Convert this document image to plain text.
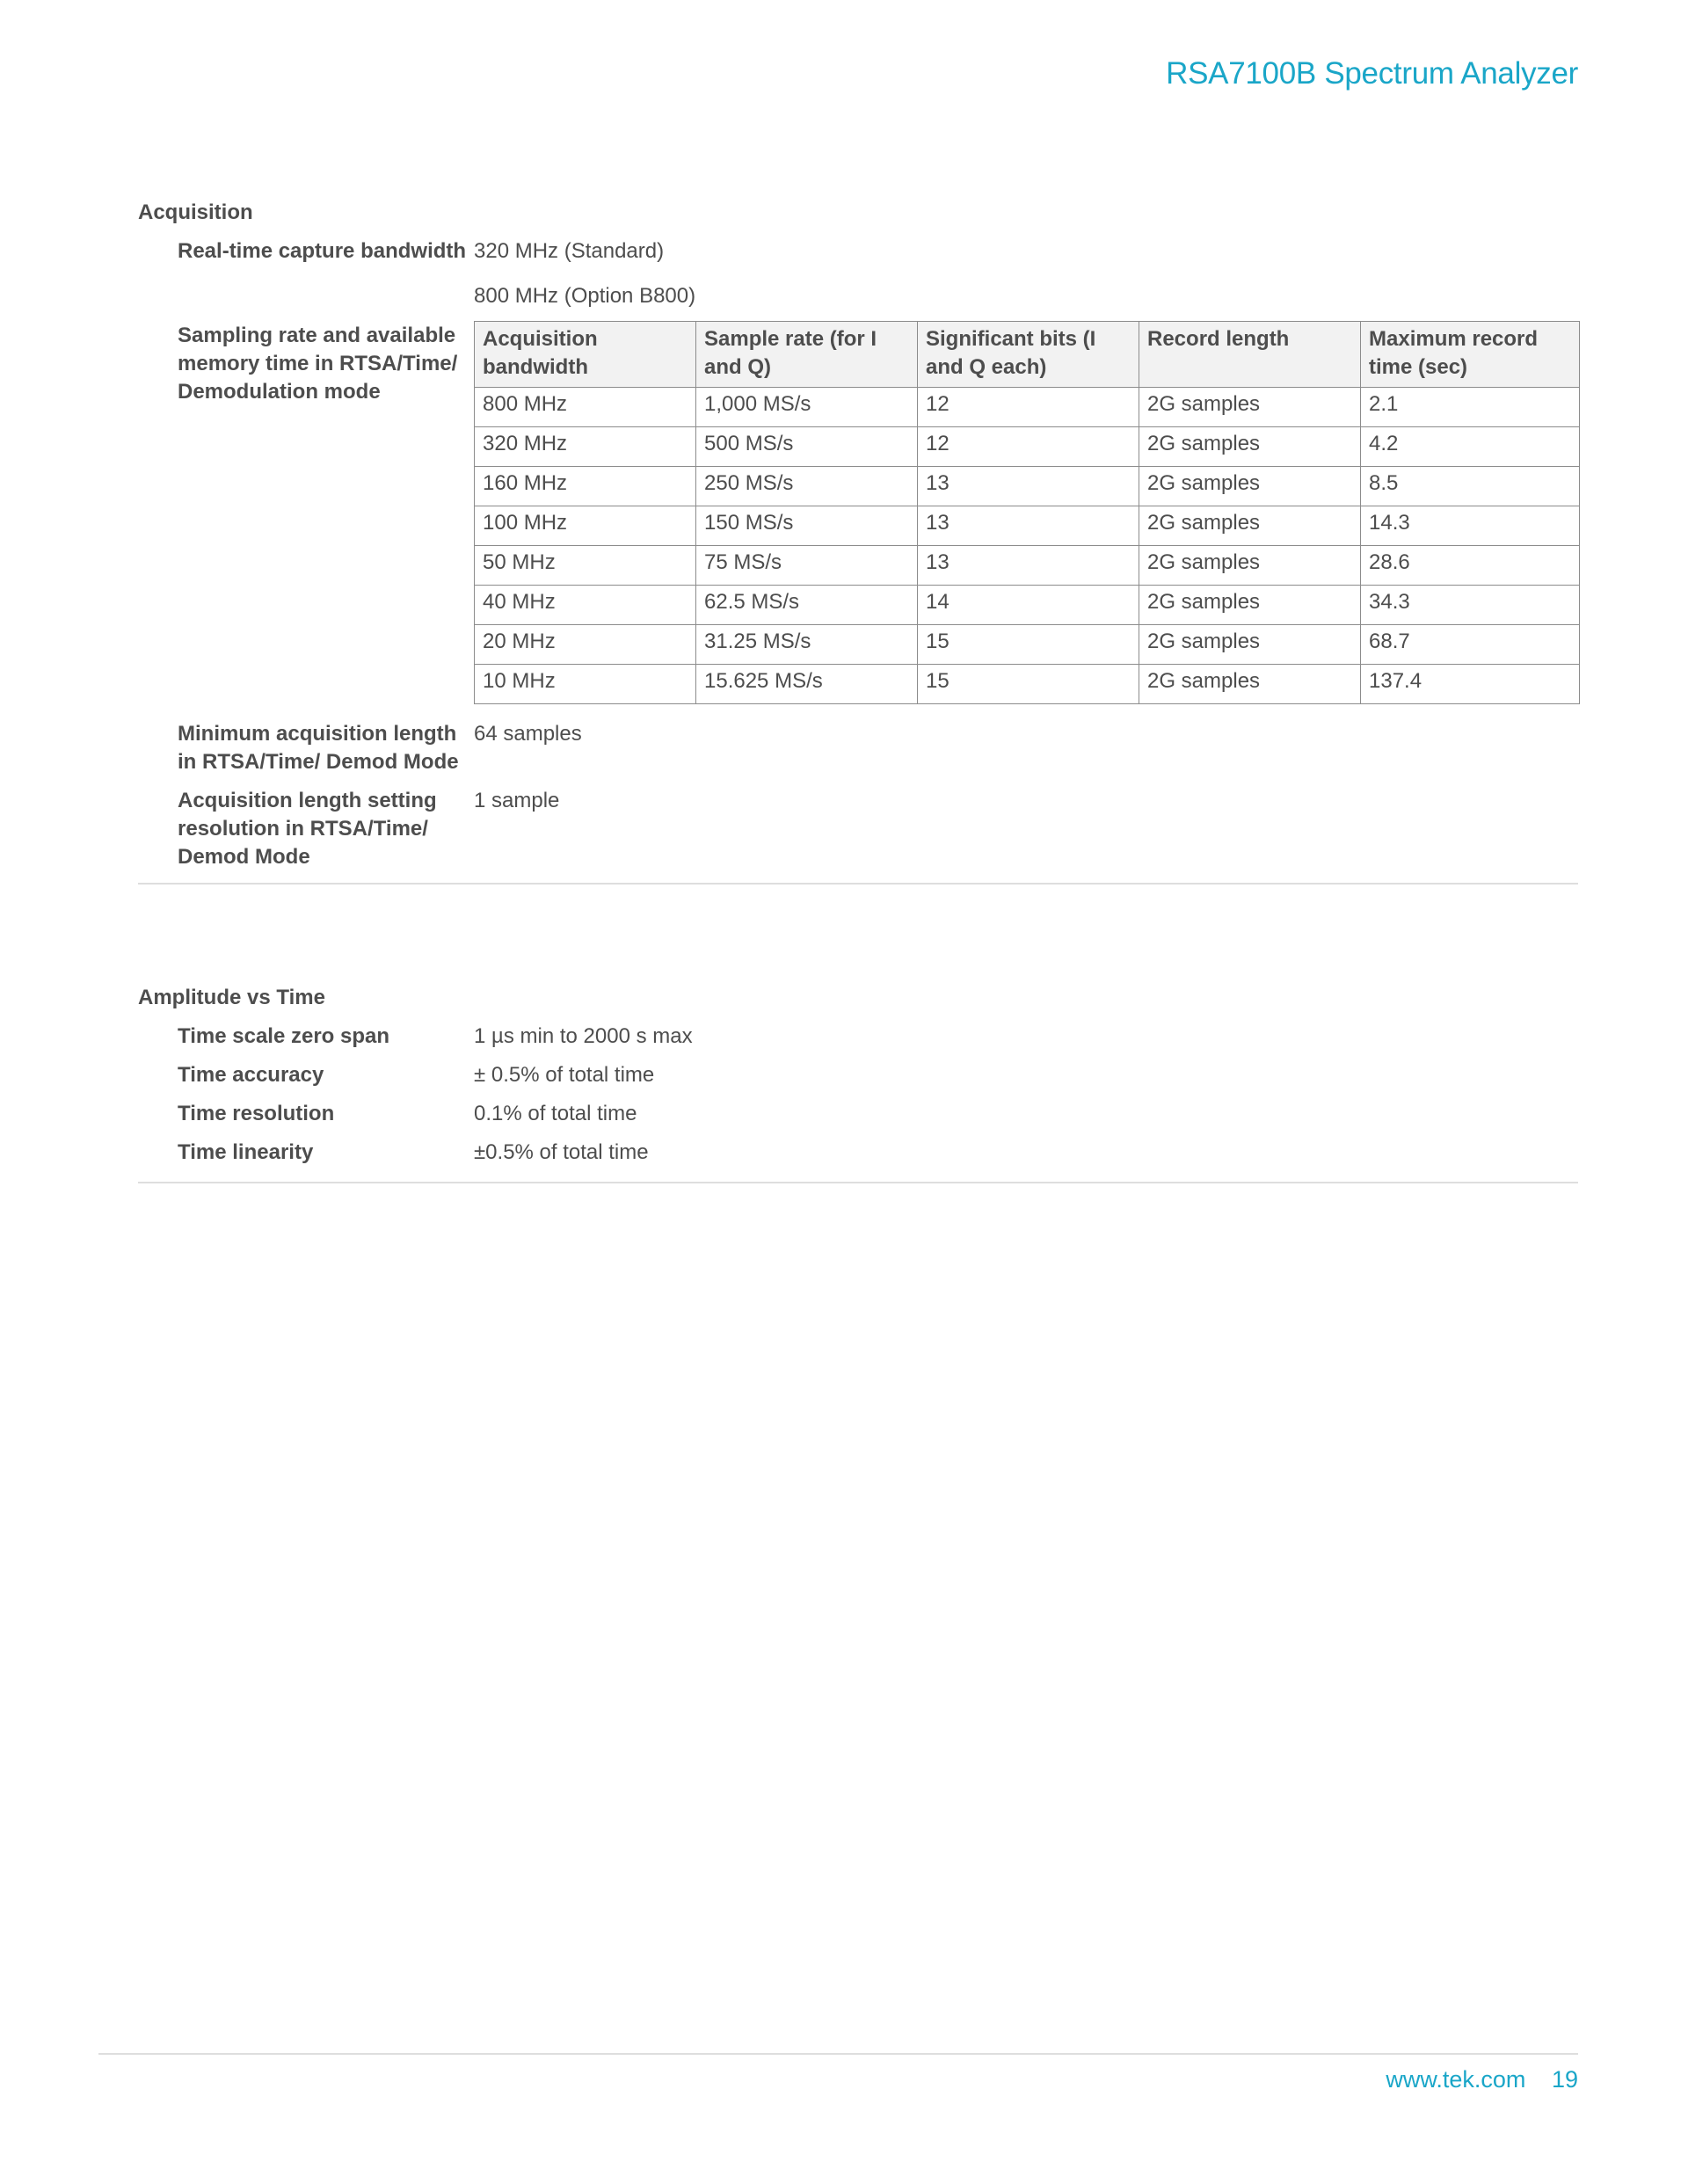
RSA7100B Spectrum Analyzer
Acquisition
Real-time capture bandwidth 320 MHz (Standard)
800 MHz (Option B800)
Sampling rate and available memory time in RTSA/Time/ Demodulation mode
Acquisition bandwidth	Sample rate (for I and Q)	Significant bits (I and Q each)	Record length	Maximum record time (sec)
800 MHz	1,000 MS/s	12	2G samples	2.1
320 MHz	500 MS/s	12	2G samples	4.2
160 MHz	250 MS/s	13	2G samples	8.5
100 MHz	150 MS/s	13	2G samples	14.3
50 MHz	75 MS/s	13	2G samples	28.6
40 MHz	62.5 MS/s	14	2G samples	34.3
20 MHz	31.25 MS/s	15	2G samples	68.7
10 MHz	15.625 MS/s	15	2G samples	137.4
Minimum acquisition length in RTSA/Time/ Demod Mode
64 samples
Acquisition length setting resolution in RTSA/Time/ Demod Mode
1 sample
Amplitude vs Time
Time scale zero span	1 µs min to 2000 s max
Time accuracy	± 0.5% of total time
Time resolution	0.1% of total time
Time linearity	±0.5% of total time
www.tek.com 19
